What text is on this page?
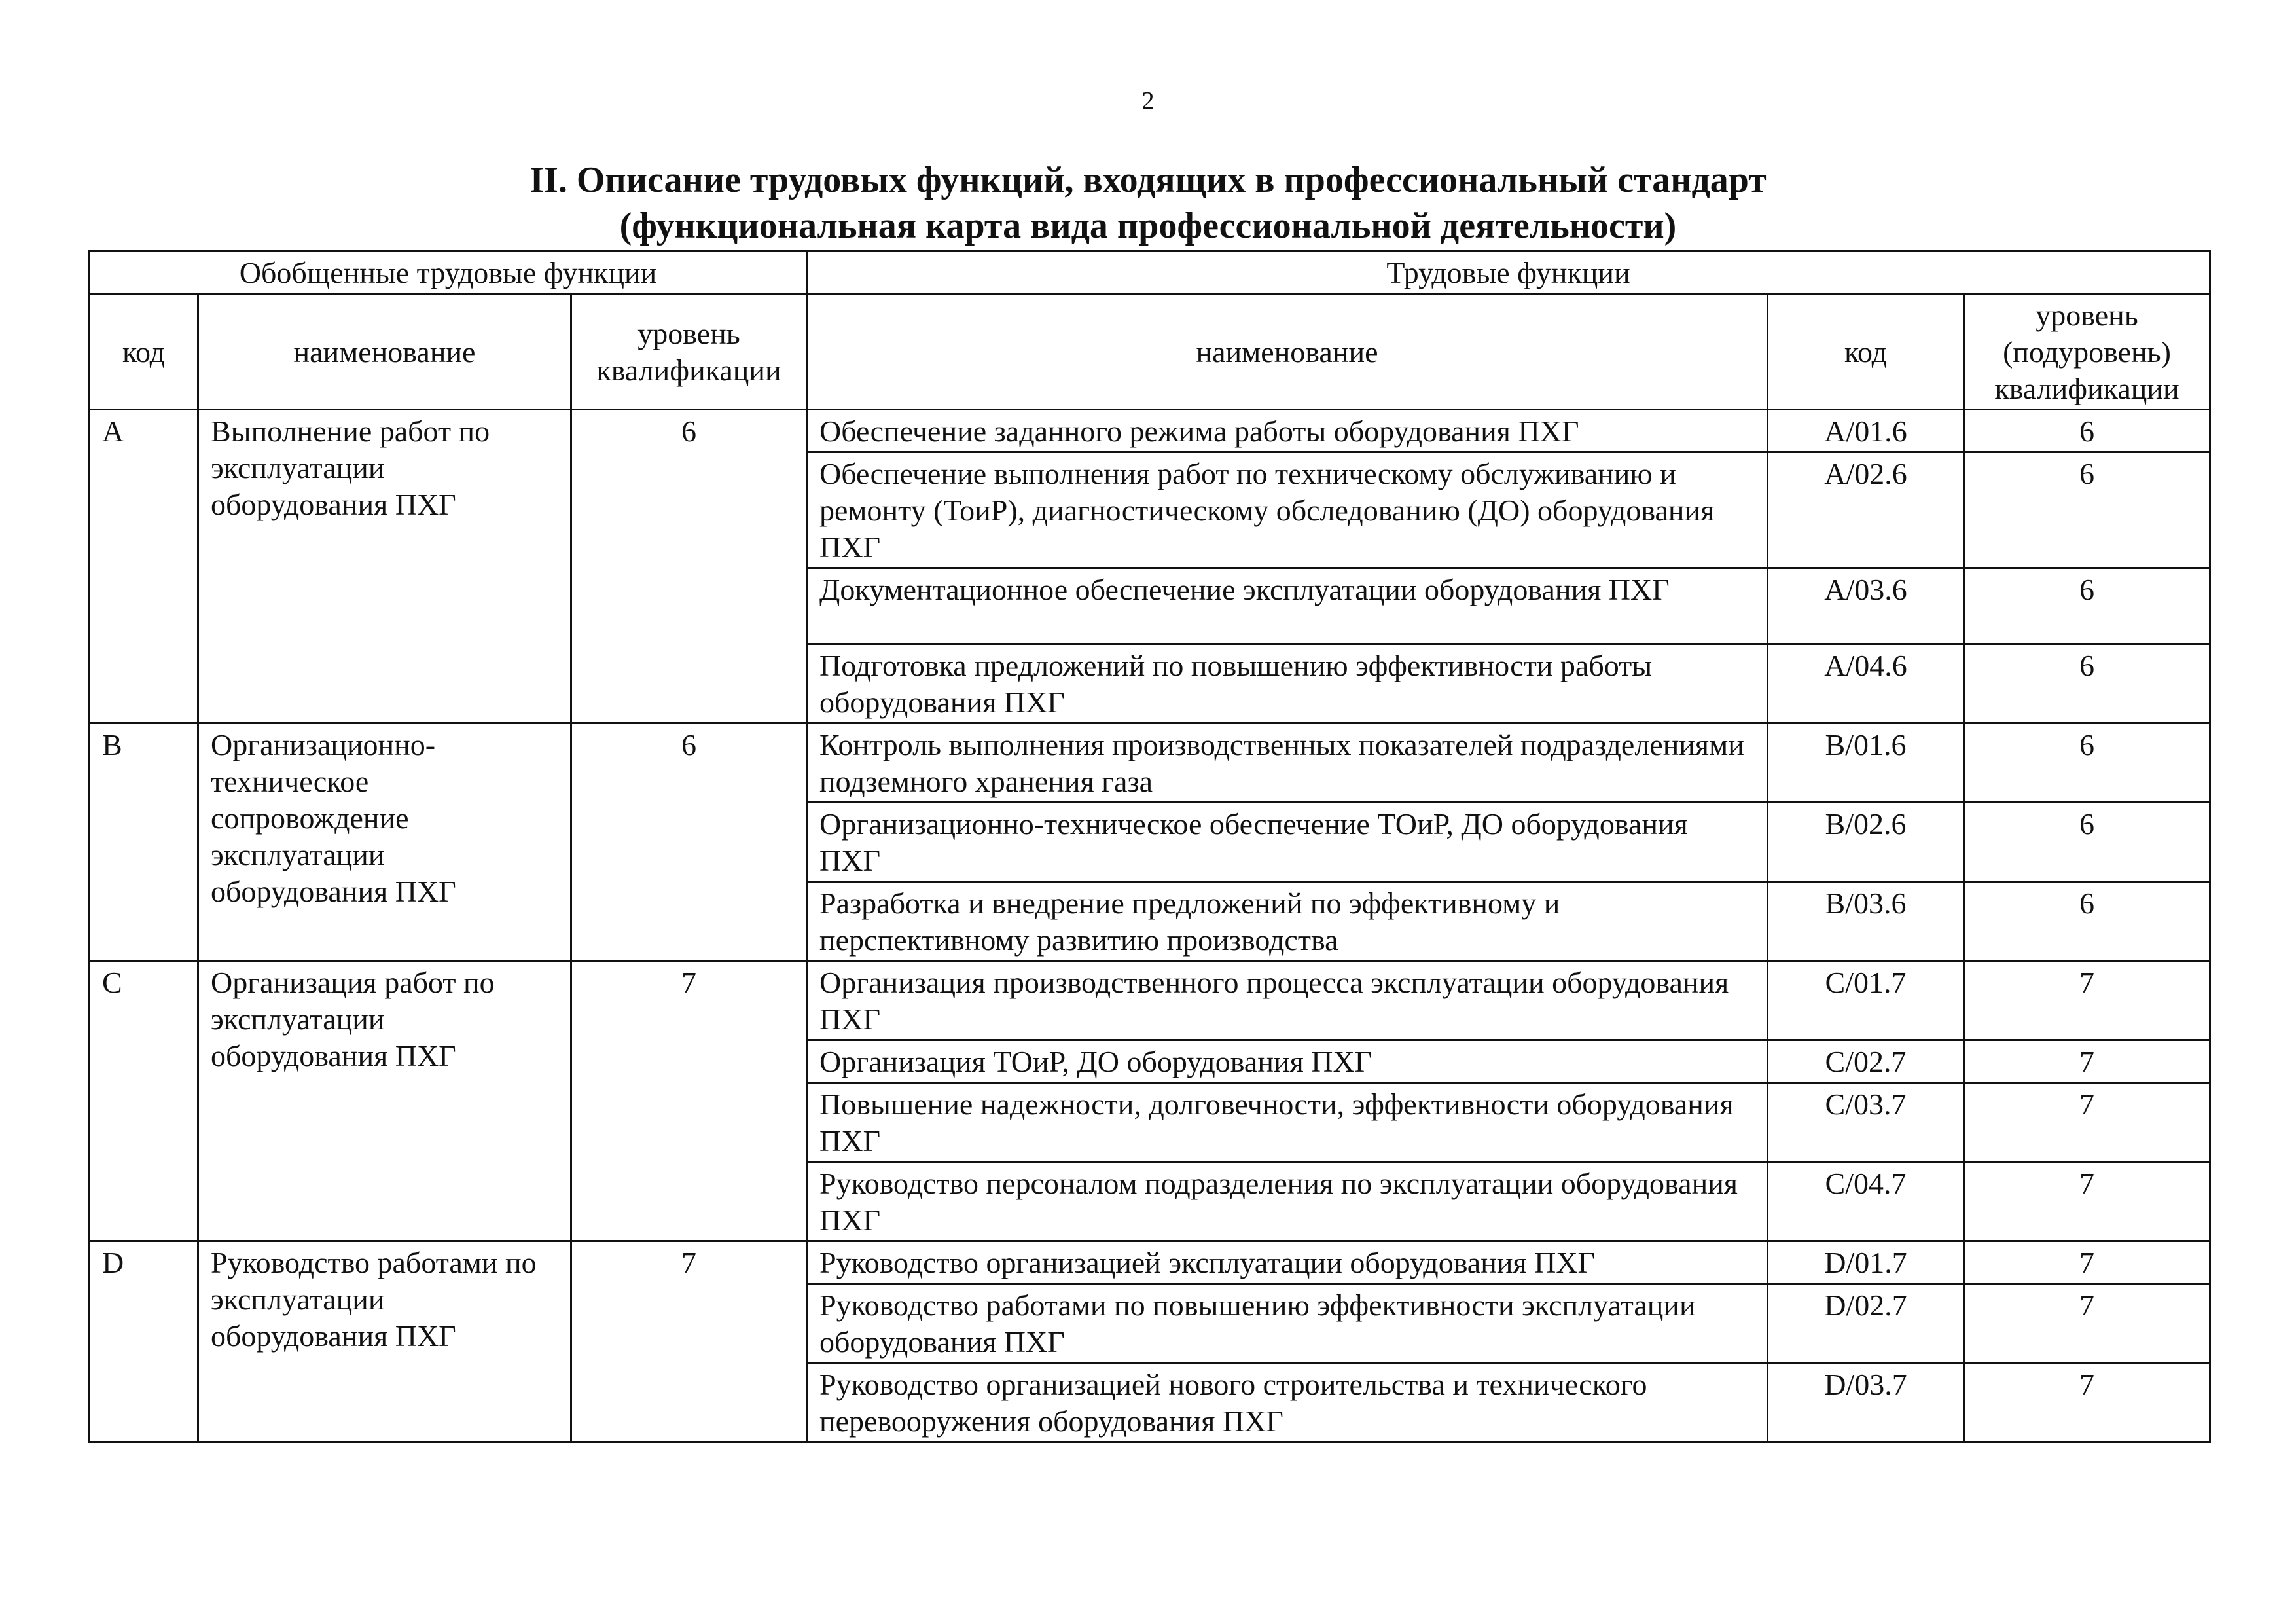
2
II. Описание трудовых функций, входящих в профессиональный стандарт
(функциональная карта вида профессиональной деятельности)
Обобщенные трудовые функции			Трудовые функции		
код	наименование	уровень квалификации	наименование	код	уровень (подуровень) квалификации
A	Выполнение работ по эксплуатации оборудования ПХГ	6	Обеспечение заданного режима работы оборудования ПХГ	A/01.6	6
			Обеспечение выполнения работ по техническому обслуживанию и ремонту (ТоиР), диагностическому обследованию (ДО) оборудования ПХГ	A/02.6	6
			Документационное обеспечение эксплуатации оборудования ПХГ	A/03.6	6
			Подготовка предложений по повышению эффективности работы оборудования ПХГ	A/04.6	6
B	Организационно-техническое сопровождение эксплуатации оборудования ПХГ	6	Контроль выполнения производственных показателей подразделениями подземного хранения газа	B/01.6	6
			Организационно-техническое обеспечение ТОиР, ДО оборудования ПХГ	B/02.6	6
			Разработка и внедрение предложений по эффективному и перспективному развитию производства	B/03.6	6
C	Организация работ по эксплуатации оборудования ПХГ	7	Организация производственного процесса эксплуатации оборудования ПХГ	C/01.7	7
			Организация ТОиР, ДО оборудования ПХГ	C/02.7	7
			Повышение надежности, долговечности, эффективности оборудования ПХГ	C/03.7	7
			Руководство персоналом подразделения по эксплуатации оборудования ПХГ	C/04.7	7
D	Руководство работами по эксплуатации оборудования ПХГ	7	Руководство организацией эксплуатации оборудования ПХГ	D/01.7	7
			Руководство работами по повышению эффективности эксплуатации оборудования ПХГ	D/02.7	7
			Руководство организацией нового строительства и технического перевооружения оборудования ПХГ	D/03.7	7
